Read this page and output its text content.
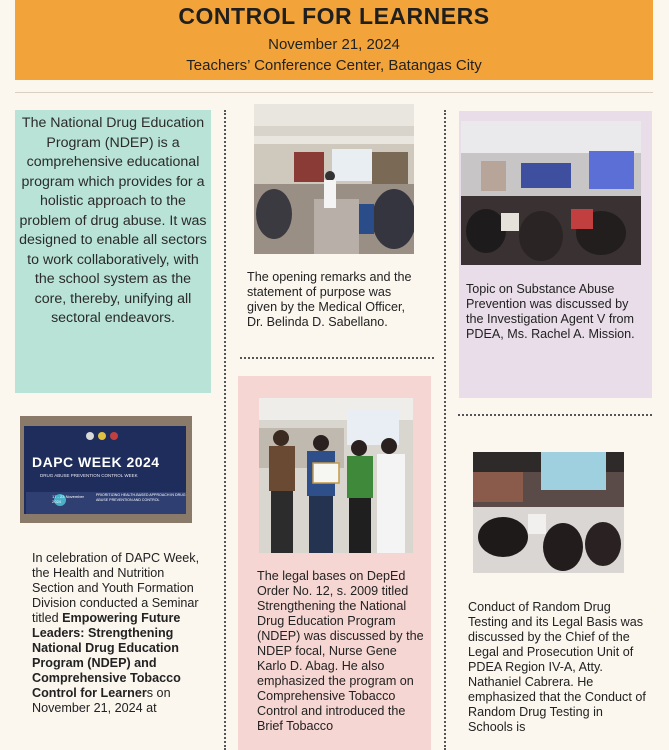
CONTROL FOR LEARNERS
November 21, 2024
Teachers’ Conference Center, Batangas City
The National Drug Education Program (NDEP) is a comprehensive educational program which provides for a holistic approach to the problem of drug abuse. It was designed to enable all sectors to work collaboratively, with the school system as the core, thereby, unifying all sectoral endeavors.
The opening remarks and the statement of purpose was given by the Medical Officer, Dr. Belinda D. Sabellano.
Topic on Substance Abuse Prevention was discussed by the Investigation Agent V from PDEA, Ms. Rachel A. Mission.
The legal bases on DepEd Order No. 12, s. 2009 titled Strengthening the National Drug Education Program (NDEP) was discussed by the NDEP focal, Nurse Gene Karlo D. Abag. He also emphasized the program on Comprehensive Tobacco Control and introduced the Brief Tobacco
DAPC WEEK 2024
DRUG ABUSE PREVENTION CONTROL WEEK
17 - 23 November 2024
PRIORITIZING HEALTH-BASED APPROACH IN DRUG ABUSE PREVENTION AND CONTROL
In celebration of DAPC Week, the Health and Nutrition Section and Youth Formation Division conducted a Seminar titled Empowering Future Leaders: Strengthening National Drug Education Program (NDEP) and Comprehensive Tobacco Control for Learners on November 21, 2024 at
Conduct of Random Drug Testing and its Legal Basis was discussed by the Chief of the Legal and Prosecution Unit of PDEA Region IV-A, Atty. Nathaniel Cabrera. He emphasized that the Conduct of Random Drug Testing in Schools is
